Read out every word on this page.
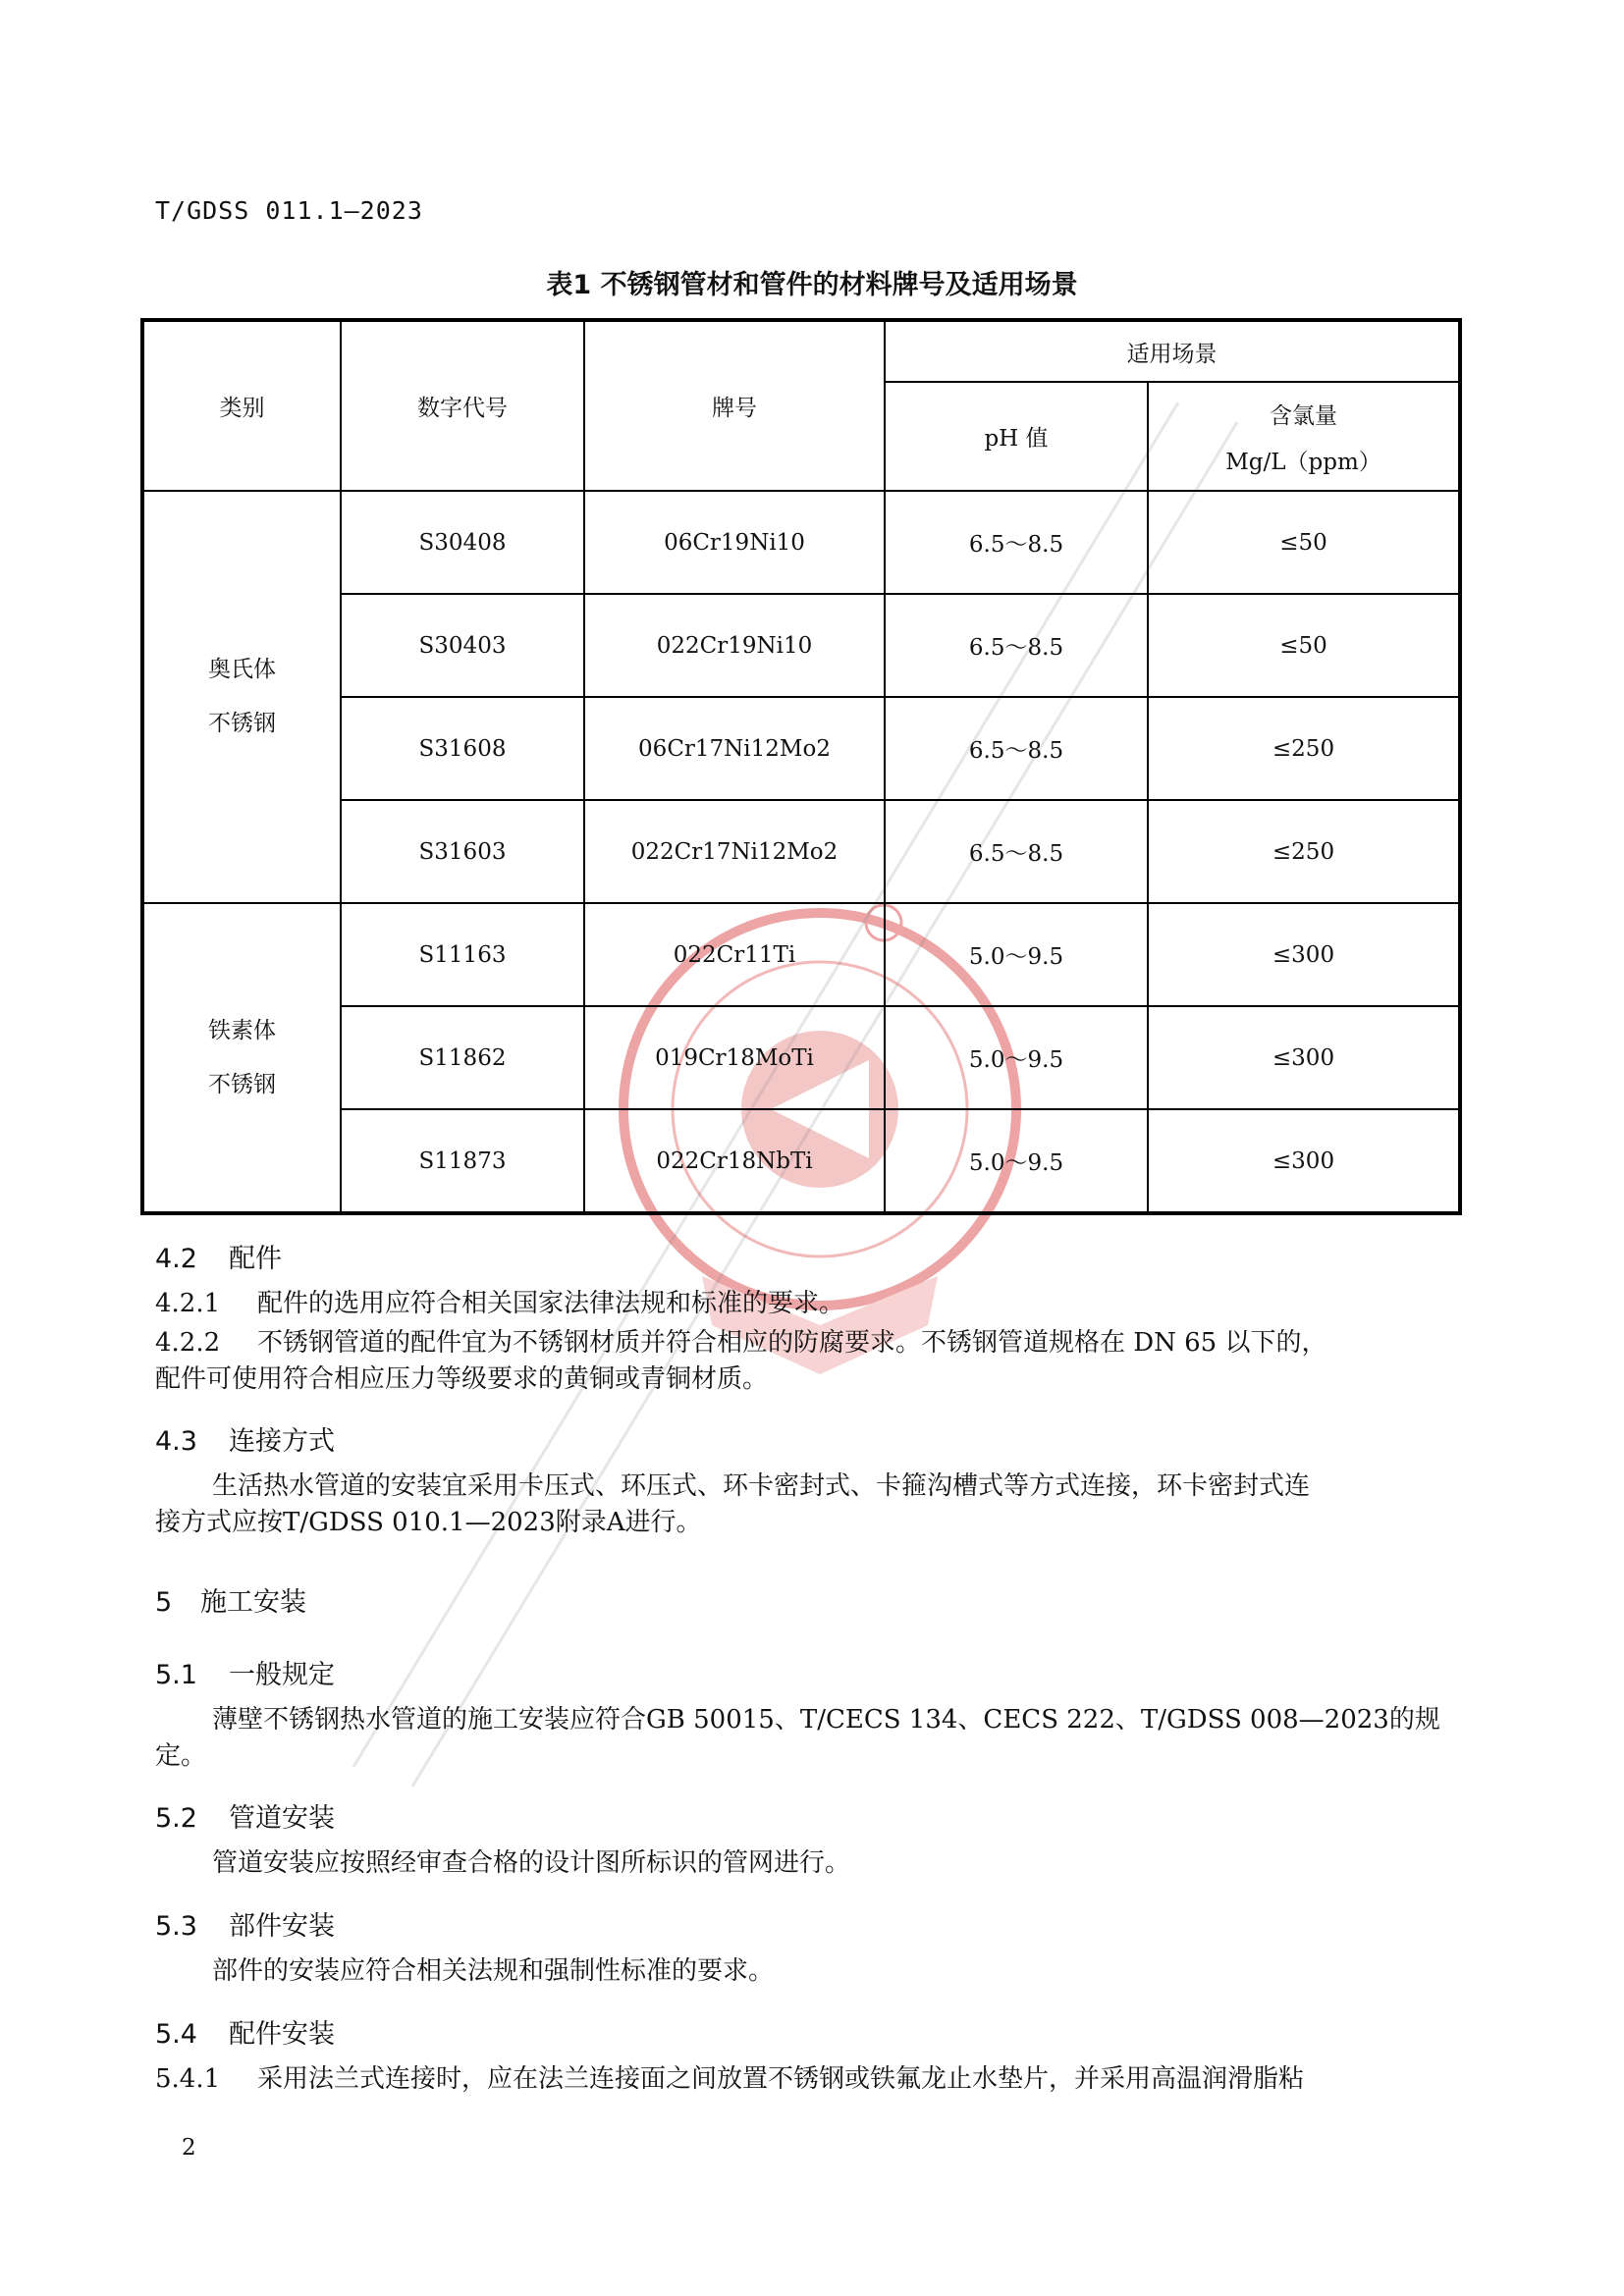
T/GDSS 011.1—2023
表1 不锈钢管材和管件的材料牌号及适用场景
类别	数字代号	牌号	适用场景	
			pH 值	含氯量
Mg/L（ppm）

奥氏体
不锈钢	S30408	06Cr19Ni10	6.5～8.5	≤50
	S30403	022Cr19Ni10	6.5～8.5	≤50
	S31608	06Cr17Ni12Mo2	6.5～8.5	≤250
	S31603	022Cr17Ni12Mo2	6.5～8.5	≤250

铁素体
不锈钢	S11163	022Cr11Ti	5.0～9.5	≤300
	S11862	019Cr18MoTi	5.0～9.5	≤300
	S11873	022Cr18NbTi	5.0～9.5	≤300
4.2 配件
4.2.1 配件的选用应符合相关国家法律法规和标准的要求。
4.2.2 不锈钢管道的配件宜为不锈钢材质并符合相应的防腐要求。不锈钢管道规格在 DN 65 以下的，
配件可使用符合相应压力等级要求的黄铜或青铜材质。
4.3 连接方式
生活热水管道的安装宜采用卡压式、环压式、环卡密封式、卡箍沟槽式等方式连接，环卡密封式连
接方式应按T/GDSS 010.1—2023附录A进行。
5 施工安装
5.1 一般规定
薄壁不锈钢热水管道的施工安装应符合GB 50015、T/CECS 134、CECS 222、T/GDSS 008—2023的规
定。
5.2 管道安装
管道安装应按照经审查合格的设计图所标识的管网进行。
5.3 部件安装
部件的安装应符合相关法规和强制性标准的要求。
5.4 配件安装
5.4.1 采用法兰式连接时，应在法兰连接面之间放置不锈钢或铁氟龙止水垫片，并采用高温润滑脂粘
2
